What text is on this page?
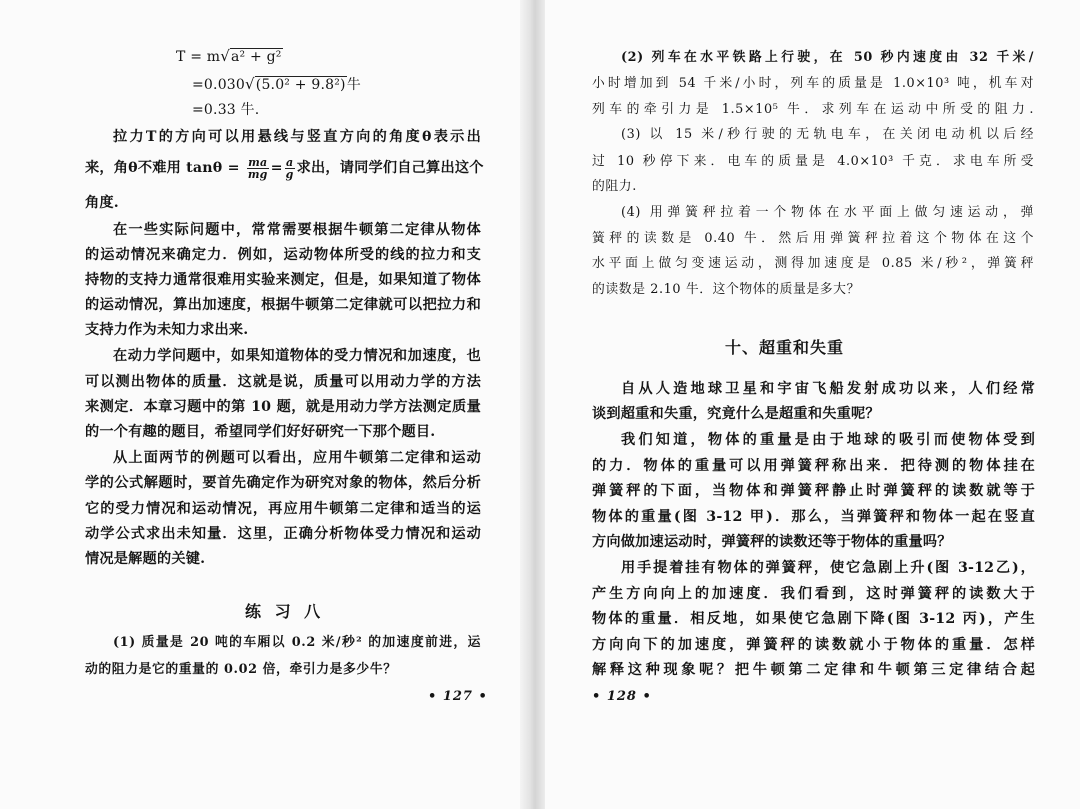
T = m√a² + g²
=0.030√(5.0² + 9.8²)牛
=0.33 牛.
拉力T的方向可以用悬线与竖直方向的角度θ表示出
来，角θ不难用 $\tan\theta = \frac{ma}{mg} = \frac{a}{g}$ 求出，请同学们自己算出这个
角度.
在一些实际问题中，常常需要根据牛顿第二定律从物体
的运动情况来确定力．例如，运动物体所受的线的拉力和支
持物的支持力通常很难用实验来测定，但是，如果知道了物体
的运动情况，算出加速度，根据牛顿第二定律就可以把拉力和
支持力作为未知力求出来.
在动力学问题中，如果知道物体的受力情况和加速度，也
可以测出物体的质量．这就是说，质量可以用动力学的方法
来测定．本章习题中的第 10 题，就是用动力学方法测定质量
的一个有趣的题目，希望同学们好好研究一下那个题目.
从上面两节的例题可以看出，应用牛顿第二定律和运动
学的公式解题时，要首先确定作为研究对象的物体，然后分析
它的受力情况和运动情况，再应用牛顿第二定律和适当的运
动学公式求出未知量．这里，正确分析物体受力情况和运动
情况是解题的关键.
练 习 八
(1) 质量是 20 吨的车厢以 0.2 米/秒² 的加速度前进，运
动的阻力是它的重量的 0.02 倍，牵引力是多少牛？
• 127 •
(2) 列车在水平铁路上行驶，在 50 秒内速度由 32 千米/
小时增加到 54 千米/小时，列车的质量是 1.0×10³ 吨，机车对
列车的牵引力是 1.5×10⁵ 牛．求列车在运动中所受的阻力.
(3) 以 15 米/秒行驶的无轨电车，在关闭电动机以后经
过 10 秒停下来．电车的质量是 4.0×10³ 千克．求电车所受
的阻力.
(4) 用弹簧秤拉着一个物体在水平面上做匀速运动，弹
簧秤的读数是 0.40 牛．然后用弹簧秤拉着这个物体在这个
水平面上做匀变速运动，测得加速度是 0.85 米/秒²，弹簧秤
的读数是 2.10 牛．这个物体的质量是多大？
十、超重和失重
自从人造地球卫星和宇宙飞船发射成功以来，人们经常
谈到超重和失重，究竟什么是超重和失重呢？
我们知道，物体的重量是由于地球的吸引而使物体受到
的力．物体的重量可以用弹簧秤称出来．把待测的物体挂在
弹簧秤的下面，当物体和弹簧秤静止时弹簧秤的读数就等于
物体的重量(图 3-12 甲)．那么，当弹簧秤和物体一起在竖直
方向做加速运动时，弹簧秤的读数还等于物体的重量吗？
用手提着挂有物体的弹簧秤，使它急剧上升(图 3-12乙)，
产生方向向上的加速度．我们看到，这时弹簧秤的读数大于
物体的重量．相反地，如果使它急剧下降(图 3-12 丙)，产生
方向向下的加速度，弹簧秤的读数就小于物体的重量．怎样
解释这种现象呢？把牛顿第二定律和牛顿第三定律结合起
• 128 •
